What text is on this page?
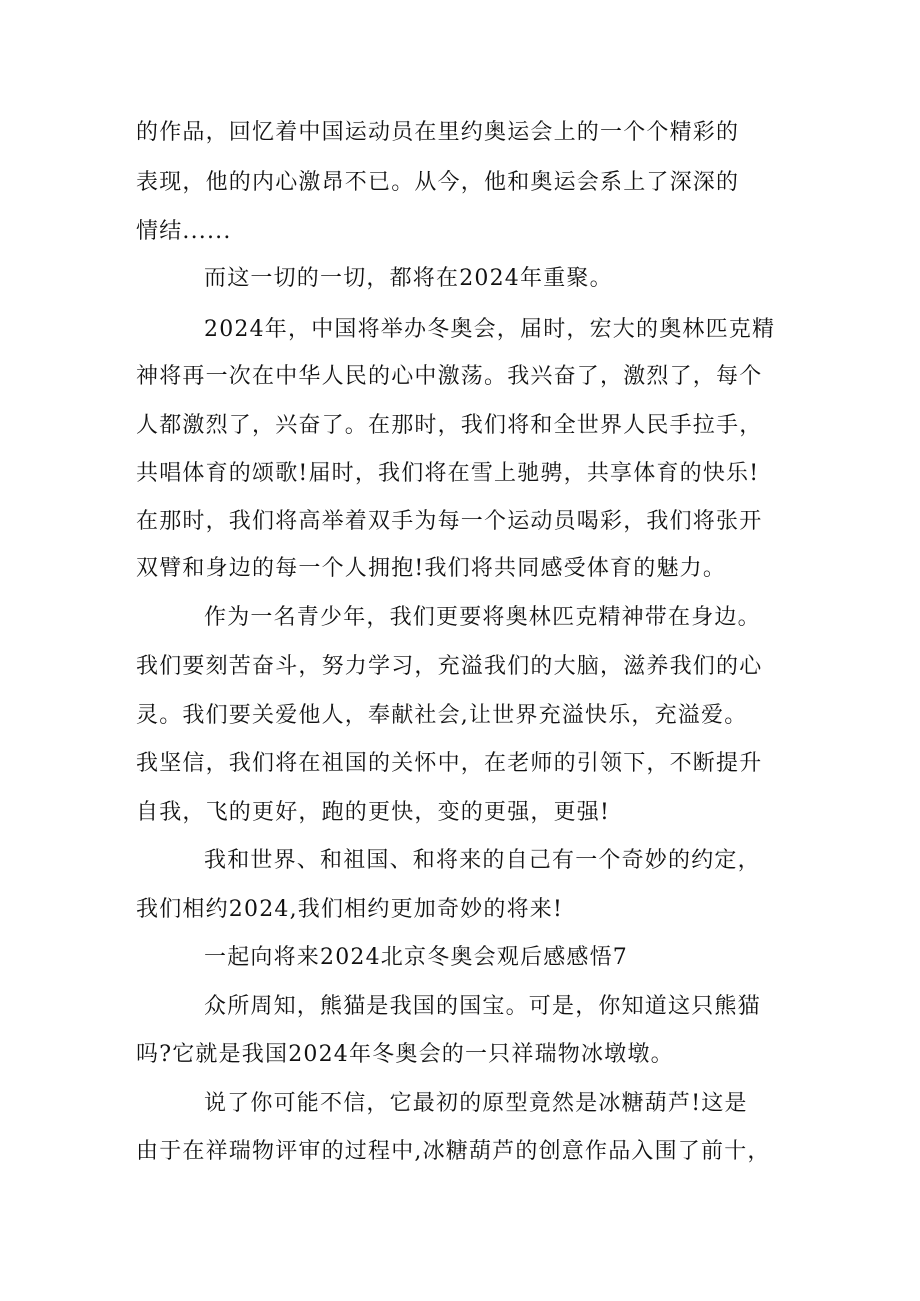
的作品，回忆着中国运动员在里约奥运会上的一个个精彩的
表现，他的内心激昂不已。从今，他和奥运会系上了深深的
情结......
而这一切的一切，都将在2024年重聚。
2024年，中国将举办冬奥会，届时，宏大的奥林匹克精
神将再一次在中华人民的心中激荡。我兴奋了，激烈了，每个
人都激烈了，兴奋了。在那时，我们将和全世界人民手拉手，
共唱体育的颂歌!届时，我们将在雪上驰骋，共享体育的快乐!
在那时，我们将高举着双手为每一个运动员喝彩，我们将张开
双臂和身边的每一个人拥抱!我们将共同感受体育的魅力。
作为一名青少年，我们更要将奥林匹克精神带在身边。
我们要刻苦奋斗，努力学习，充溢我们的大脑，滋养我们的心
灵。我们要关爱他人，奉献社会,让世界充溢快乐，充溢爱。
我坚信，我们将在祖国的关怀中，在老师的引领下，不断提升
自我，飞的更好，跑的更快，变的更强，更强!
我和世界、和祖国、和将来的自己有一个奇妙的约定，
我们相约2024,我们相约更加奇妙的将来!
一起向将来2024北京冬奥会观后感感悟7
众所周知，熊猫是我国的国宝。可是，你知道这只熊猫
吗?它就是我国2024年冬奥会的一只祥瑞物冰墩墩。
说了你可能不信，它最初的原型竟然是冰糖葫芦!这是
由于在祥瑞物评审的过程中,冰糖葫芦的创意作品入围了前十，
